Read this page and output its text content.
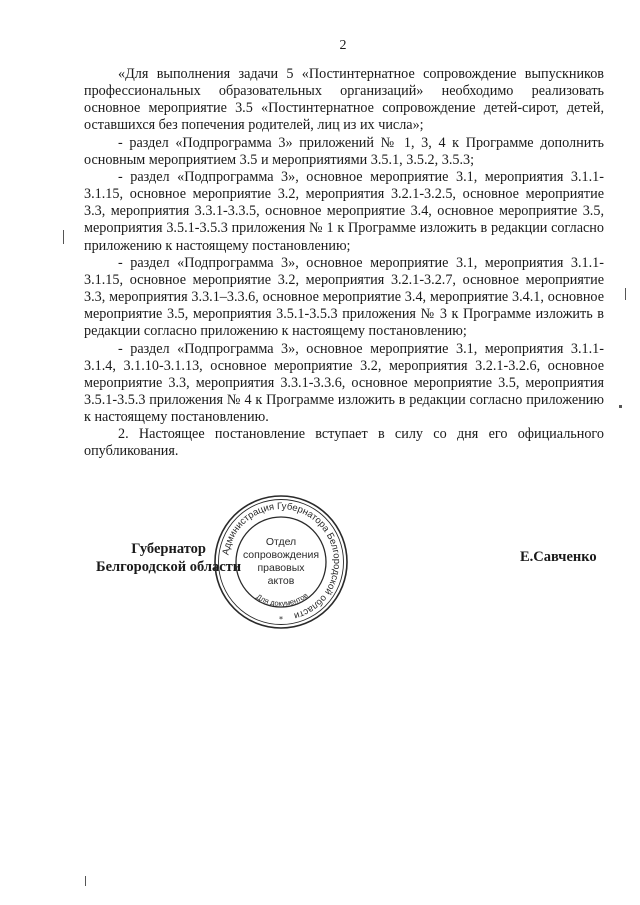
2

«Для выполнения задачи 5 «Постинтернатное сопровождение выпускников профессиональных образовательных организаций» необходимо реализовать основное мероприятие 3.5 «Постинтернатное сопровождение детей-сирот, детей, оставшихся без попечения родителей, лиц из их числа»;

- раздел «Подпрограмма 3» приложений № 1, 3, 4 к Программе дополнить основным мероприятием 3.5 и мероприятиями 3.5.1, 3.5.2, 3.5.3;

- раздел «Подпрограмма 3», основное мероприятие 3.1, мероприятия 3.1.1-3.1.15, основное мероприятие 3.2, мероприятия 3.2.1-3.2.5, основное мероприятие 3.3, мероприятия 3.3.1-3.3.5, основное мероприятие 3.4, основное мероприятие 3.5, мероприятия 3.5.1-3.5.3 приложения № 1 к Программе изложить в редакции согласно приложению к настоящему постановлению;

- раздел «Подпрограмма 3», основное мероприятие 3.1, мероприятия 3.1.1-3.1.15, основное мероприятие 3.2, мероприятия 3.2.1-3.2.7, основное мероприятие 3.3, мероприятия 3.3.1–3.3.6, основное мероприятие 3.4, мероприятие 3.4.1, основное мероприятие 3.5, мероприятия 3.5.1-3.5.3 приложения № 3 к Программе изложить в редакции согласно приложению к настоящему постановлению;

- раздел «Подпрограмма 3», основное мероприятие 3.1, мероприятия 3.1.1-3.1.4, 3.1.10-3.1.13, основное мероприятие 3.2, мероприятия 3.2.1-3.2.6, основное мероприятие 3.3, мероприятия 3.3.1-3.3.6, основное мероприятие 3.5, мероприятия 3.5.1-3.5.3 приложения № 4 к Программе изложить в редакции согласно приложению к настоящему постановлению.

2. Настоящее постановление вступает в силу со дня его официального опубликования.

Губернатор
Белгородской области
Е.Савченко
Администрация Губернатора Белгородской области
Отдел
сопровождения
правовых
актов
Для документов
*
